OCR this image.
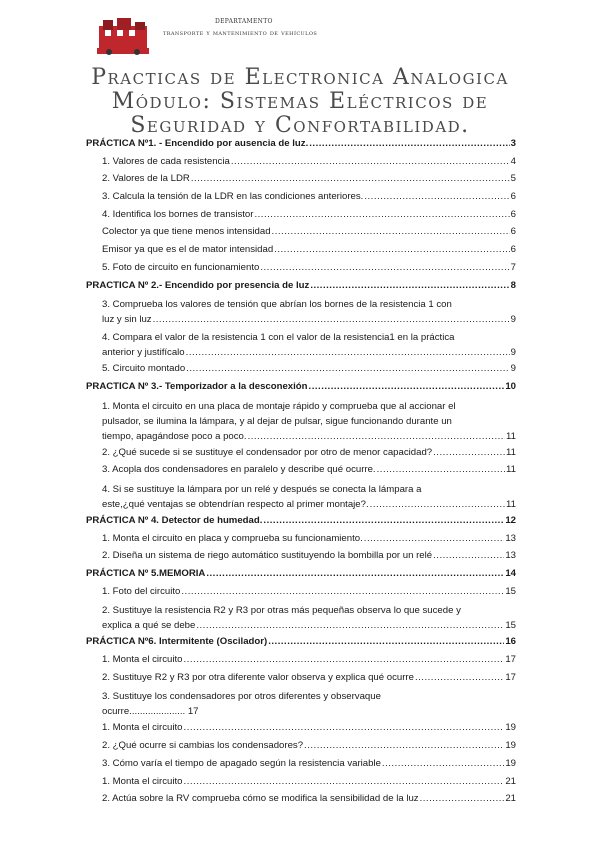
departamento
transporte y mantenimiento de vehículos
Practicas de Electronica Analogica
Módulo: Sistemas Eléctricos de
Seguridad y Confortabilidad.
PRÁCTICA Nº1. - Encendido por ausencia de luz. .....	3
1. Valores de cada resistencia .....	4
2. Valores de la LDR .....	5
3. Calcula la tensión de la LDR en las condiciones anteriores. .....	6
4. Identifica los bornes de transistor .....	6
Colector ya que tiene menos intensidad .....	6
Emisor ya que es el de mator intensidad .....	6
5. Foto de circuito en funcionamiento .....	7
PRACTICA Nº 2.- Encendido por presencia de luz .....	8
3. Comprueba los valores de tensión que abrían los bornes de la resistencia 1 con
luz y sin luz .....	9
4. Compara el valor de la resistencia 1 con el valor de la resistencia1 en la práctica
anterior y justifícalo .....	9
5. Circuito montado .....	9
PRACTICA Nº 3.- Temporizador a la desconexión .....	10
1. Monta el circuito en una placa de montaje rápido y comprueba que al accionar el
pulsador, se ilumina la lámpara, y al dejar de pulsar, sigue funcionando durante un
tiempo, apagándose poco a poco. .....	11
2. ¿Qué sucede si se sustituye el condensador por otro de menor capacidad? .....	11
3. Acopla dos condensadores en paralelo y describe qué ocurre. .....	11
4. Si se sustituye la lámpara por un relé y después se conecta la lámpara a
este,¿qué ventajas se obtendrían respecto al primer montaje?. .....	11
PRÁCTICA Nº 4. Detector de humedad. .....	12
1. Monta el circuito en placa y comprueba su funcionamiento. .....	13
2. Diseña un sistema de riego automático sustituyendo la bombilla por un relé .....	13
PRÁCTICA Nº 5.MEMORIA .....	14
1. Foto del circuito .....	15
2. Sustituye la resistencia R2 y R3 por otras más pequeñas observa lo que sucede y
explica a qué se debe .....	15
PRÁCTICA Nº6. Intermitente (Oscilador) .....	16
1. Monta el circuito .....	17
2. Sustituye R2 y R3 por otra diferente valor observa y explica qué ocurre .....	17
3. Sustituye los condensadores por otros diferentes y observaque
ocurre..................... 17
1. Monta el circuito .....	19
2. ¿Qué ocurre si cambias los condensadores? .....	19
3. Cómo varía el tiempo de apagado según la resistencia variable .....	19
1. Monta el circuito .....	21
2. Actúa sobre la RV comprueba cómo se modifica la sensibilidad de la luz .....	21
